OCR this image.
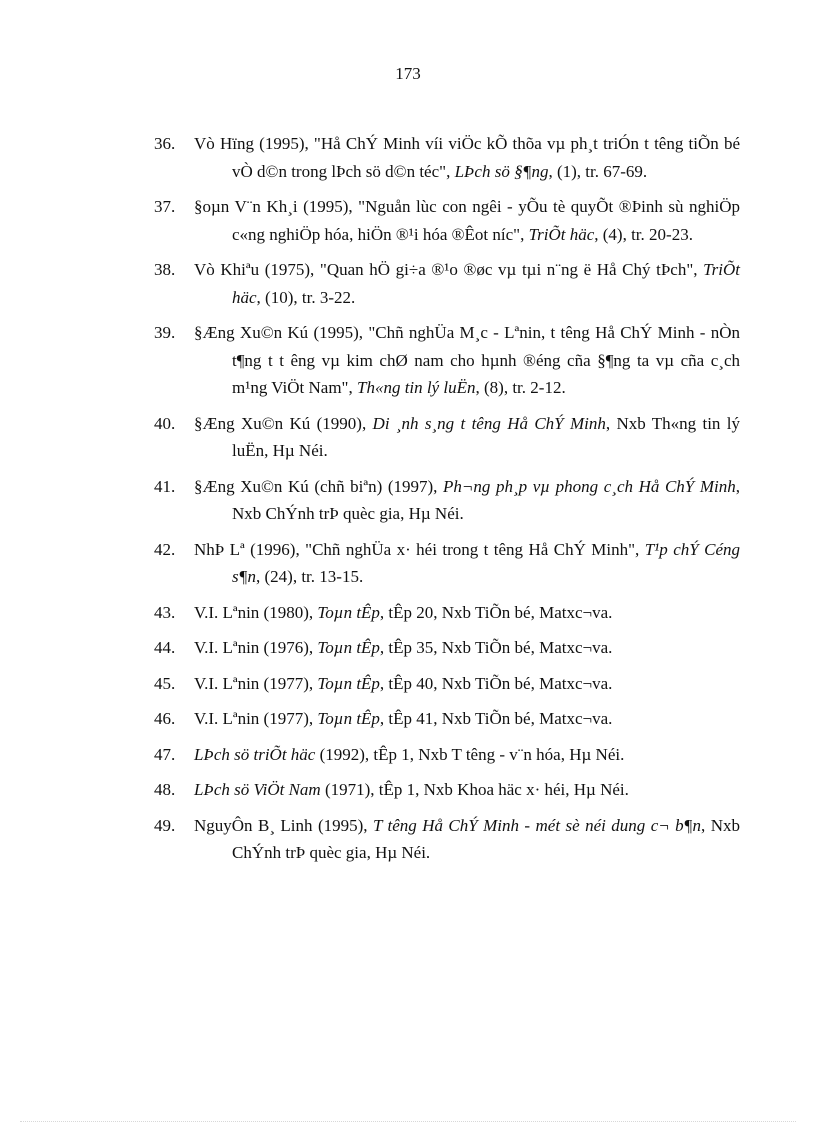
173
36. Vò Hïng (1995), "Hå ChÝ Minh víi viÖc kÕ thõa vµ ph¸t triÓn t têng tiÕn bé vÒ d©n trong lÞch sö d©n téc", LÞch sö §¶ng, (1), tr. 67-69.
37. §oµn V¨n Kh¸i (1995), "Nguån lùc con ngêi - yÕu tè quyÕt ®Þinh sù nghiÖp c«ng nghiÖp hóa, hiÖn ®¹i hóa ®Êot níc", TriÕt häc, (4), tr. 20-23.
38. Vò Khiªu (1975), "Quan hÖ gi÷a ®¹o ®øc vµ tµi n¨ng ë Hå Chý tÞch", TriÕt häc, (10), tr. 3-22.
39. §Æng Xu©n Kú (1995), "Chñ nghÜa M¸c - Lªnin, t têng Hå ChÝ Minh - nÒn t¶ng t t êng vµ kim chØ nam cho hµnh ®éng cña §¶ng ta vµ cña c¸ch m¹ng ViÖt Nam", Th«ng tin lý luËn, (8), tr. 2-12.
40. §Æng Xu©n Kú (1990), Di ¸nh s¸ng t têng Hå ChÝ Minh, Nxb Th«ng tin lý luËn, Hµ Néi.
41. §Æng Xu©n Kú (chñ biªn) (1997), Ph¬ng ph¸p vµ phong c¸ch Hå ChÝ Minh, Nxb ChÝnh trÞ quèc gia, Hµ Néi.
42. NhÞ Lª (1996), "Chñ nghÜa x· héi trong t têng Hå ChÝ Minh", T¹p chÝ Céng s¶n, (24), tr. 13-15.
43. V.I. Lªnin (1980), Toµn tÊp, tÊp 20, Nxb TiÕn bé, Matxc¬va.
44. V.I. Lªnin (1976), Toµn tÊp, tÊp 35, Nxb TiÕn bé, Matxc¬va.
45. V.I. Lªnin (1977), Toµn tÊp, tÊp 40, Nxb TiÕn bé, Matxc¬va.
46. V.I. Lªnin (1977), Toµn tÊp, tÊp 41, Nxb TiÕn bé, Matxc¬va.
47. LÞch sö triÕt häc (1992), tÊp 1, Nxb T têng - v¨n hóa, Hµ Néi.
48. LÞch sö ViÖt Nam (1971), tÊp 1, Nxb Khoa häc x· héi, Hµ Néi.
49. NguyÔn B¸ Linh (1995), T têng Hå ChÝ Minh - mét sè néi dung c¬ b¶n, Nxb ChÝnh trÞ quèc gia, Hµ Néi.
